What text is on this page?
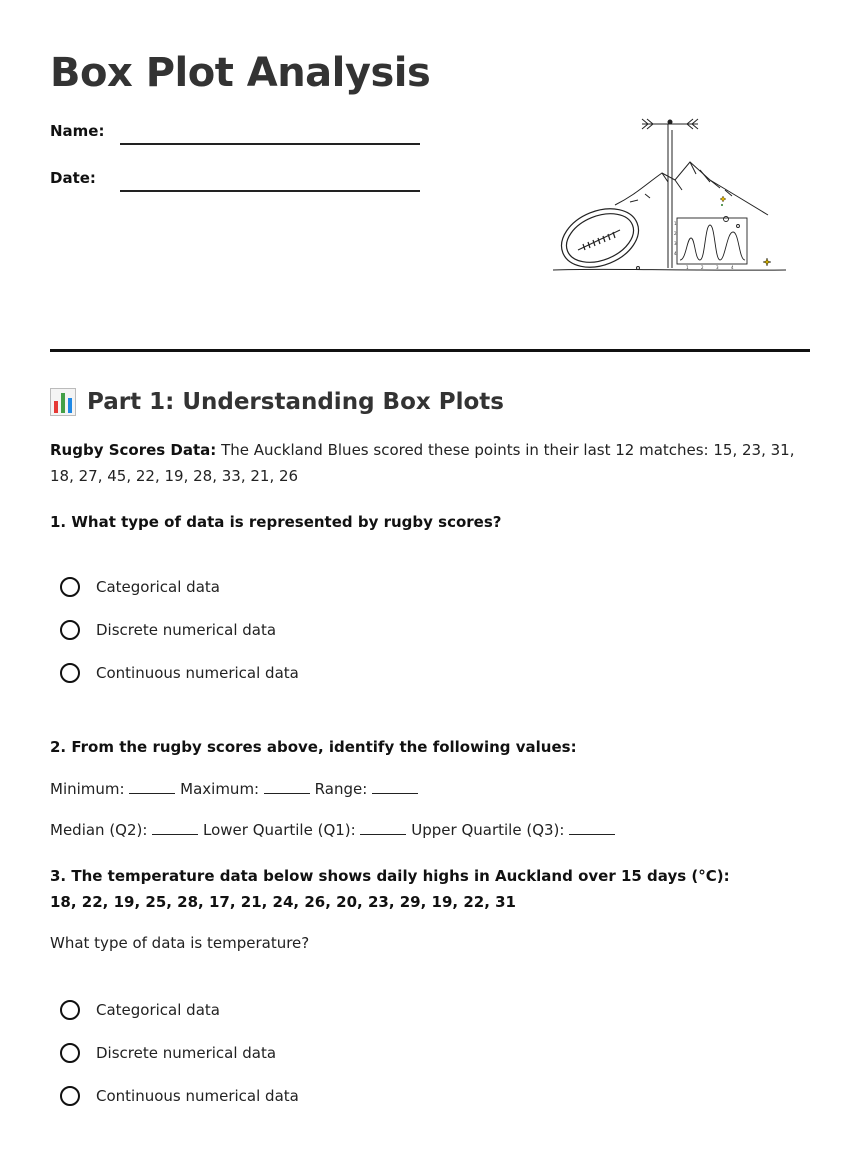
Box Plot Analysis
Name:
Date:
1
2
3
4
1	2	3	4
Part 1: Understanding Box Plots
Rugby Scores Data: The Auckland Blues scored these points in their last 12 matches: 15, 23, 31, 18, 27, 45, 22, 19, 28, 33, 21, 26
1. What type of data is represented by rugby scores?
Categorical data
Discrete numerical data
Continuous numerical data
2. From the rugby scores above, identify the following values:
Minimum:	Maximum:	Range:
Median (Q2):	Lower Quartile (Q1):	Upper Quartile (Q3):
3. The temperature data below shows daily highs in Auckland over 15 days (°C):
18, 22, 19, 25, 28, 17, 21, 24, 26, 20, 23, 29, 19, 22, 31
What type of data is temperature?
Categorical data
Discrete numerical data
Continuous numerical data
